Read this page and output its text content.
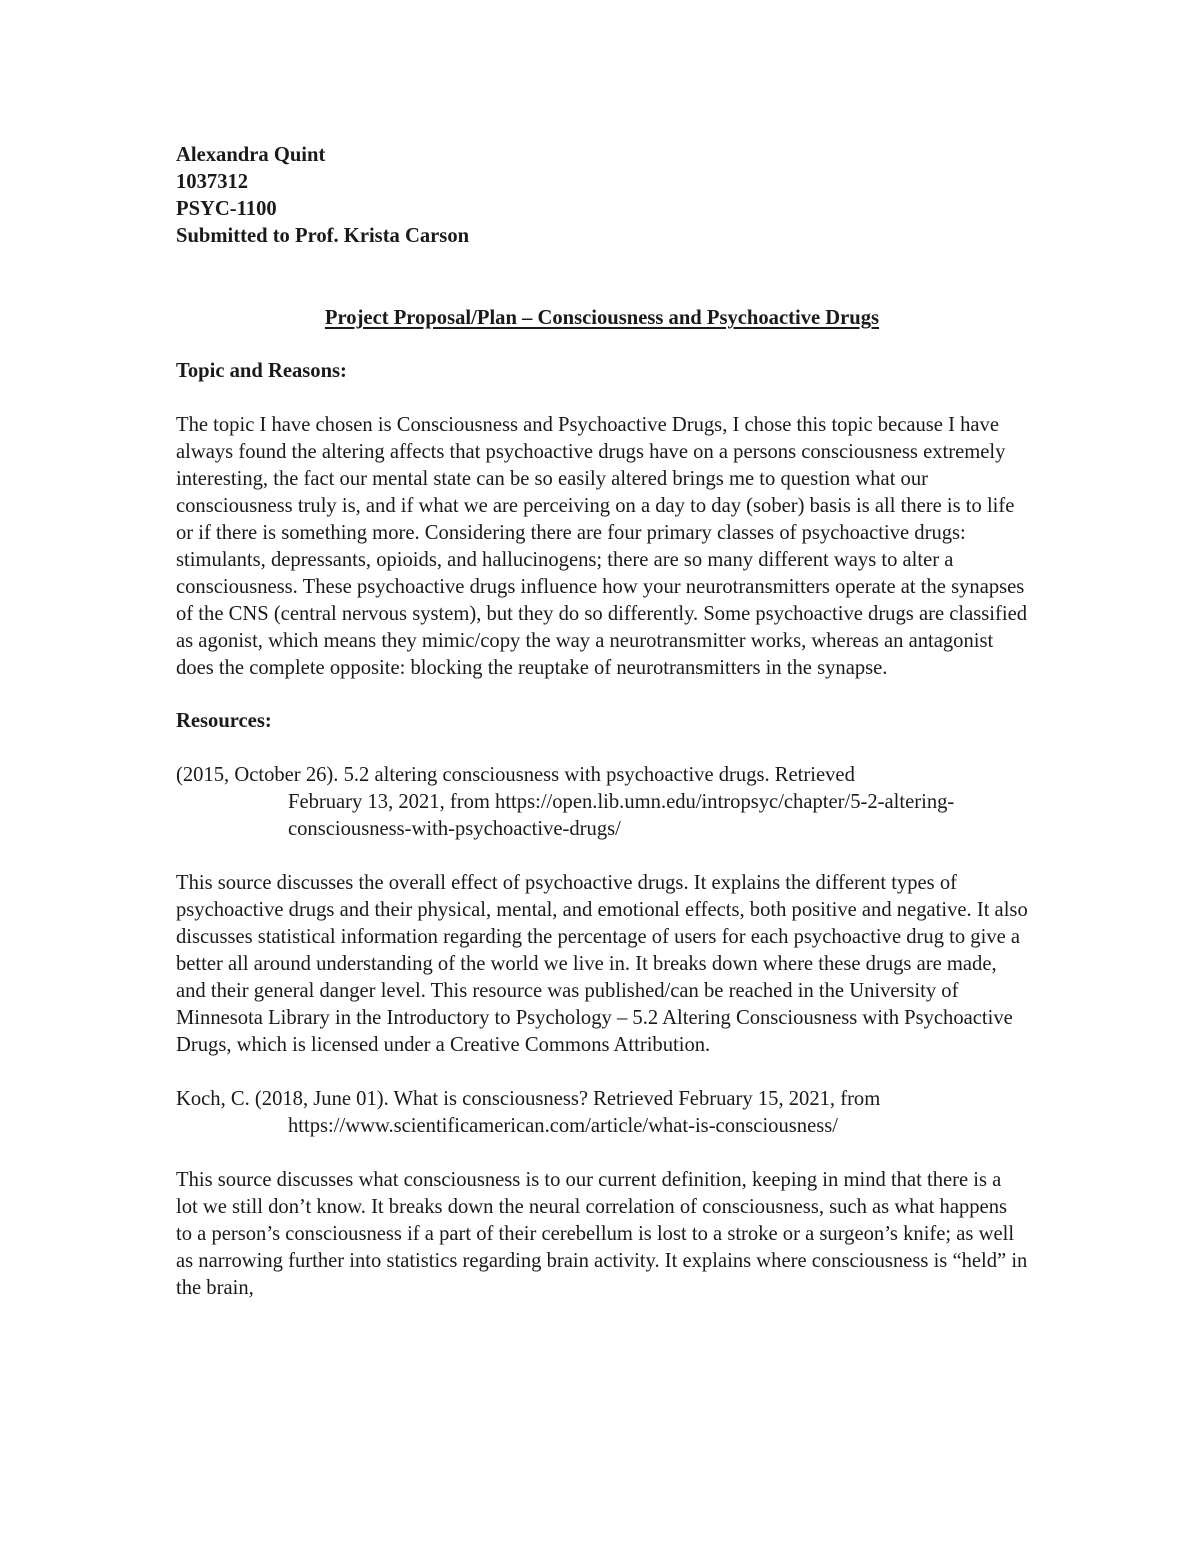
Alexandra Quint
1037312
PSYC-1100
Submitted to Prof. Krista Carson
Project Proposal/Plan – Consciousness and Psychoactive Drugs
Topic and Reasons:

The topic I have chosen is Consciousness and Psychoactive Drugs, I chose this topic because I have always found the altering affects that psychoactive drugs have on a persons consciousness extremely interesting, the fact our mental state can be so easily altered brings me to question what our consciousness truly is, and if what we are perceiving on a day to day (sober) basis is all there is to life or if there is something more. Considering there are four primary classes of psychoactive drugs: stimulants, depressants, opioids, and hallucinogens; there are so many different ways to alter a consciousness. These psychoactive drugs influence how your neurotransmitters operate at the synapses of the CNS (central nervous system), but they do so differently. Some psychoactive drugs are classified as agonist, which means they mimic/copy the way a neurotransmitter works, whereas an antagonist does the complete opposite: blocking the reuptake of neurotransmitters in the synapse.

Resources:
(2015, October 26). 5.2 altering consciousness with psychoactive drugs. Retrieved
February 13, 2021, from https://open.lib.umn.edu/intropsyc/chapter/5-2-altering-
consciousness-with-psychoactive-drugs/

This source discusses the overall effect of psychoactive drugs. It explains the different types of psychoactive drugs and their physical, mental, and emotional effects, both positive and negative. It also discusses statistical information regarding the percentage of users for each psychoactive drug to give a better all around understanding of the world we live in. It breaks down where these drugs are made, and their general danger level. This resource was published/can be reached in the University of Minnesota Library in the Introductory to Psychology – 5.2 Altering Consciousness with Psychoactive Drugs, which is licensed under a Creative Commons Attribution.

Koch, C. (2018, June 01). What is consciousness? Retrieved February 15, 2021, from
https://www.scientificamerican.com/article/what-is-consciousness/

This source discusses what consciousness is to our current definition, keeping in mind that there is a lot we still don’t know. It breaks down the neural correlation of consciousness, such as what happens to a person’s consciousness if a part of their cerebellum is lost to a stroke or a surgeon’s knife; as well as narrowing further into statistics regarding brain activity. It explains where consciousness is “held” in the brain,
